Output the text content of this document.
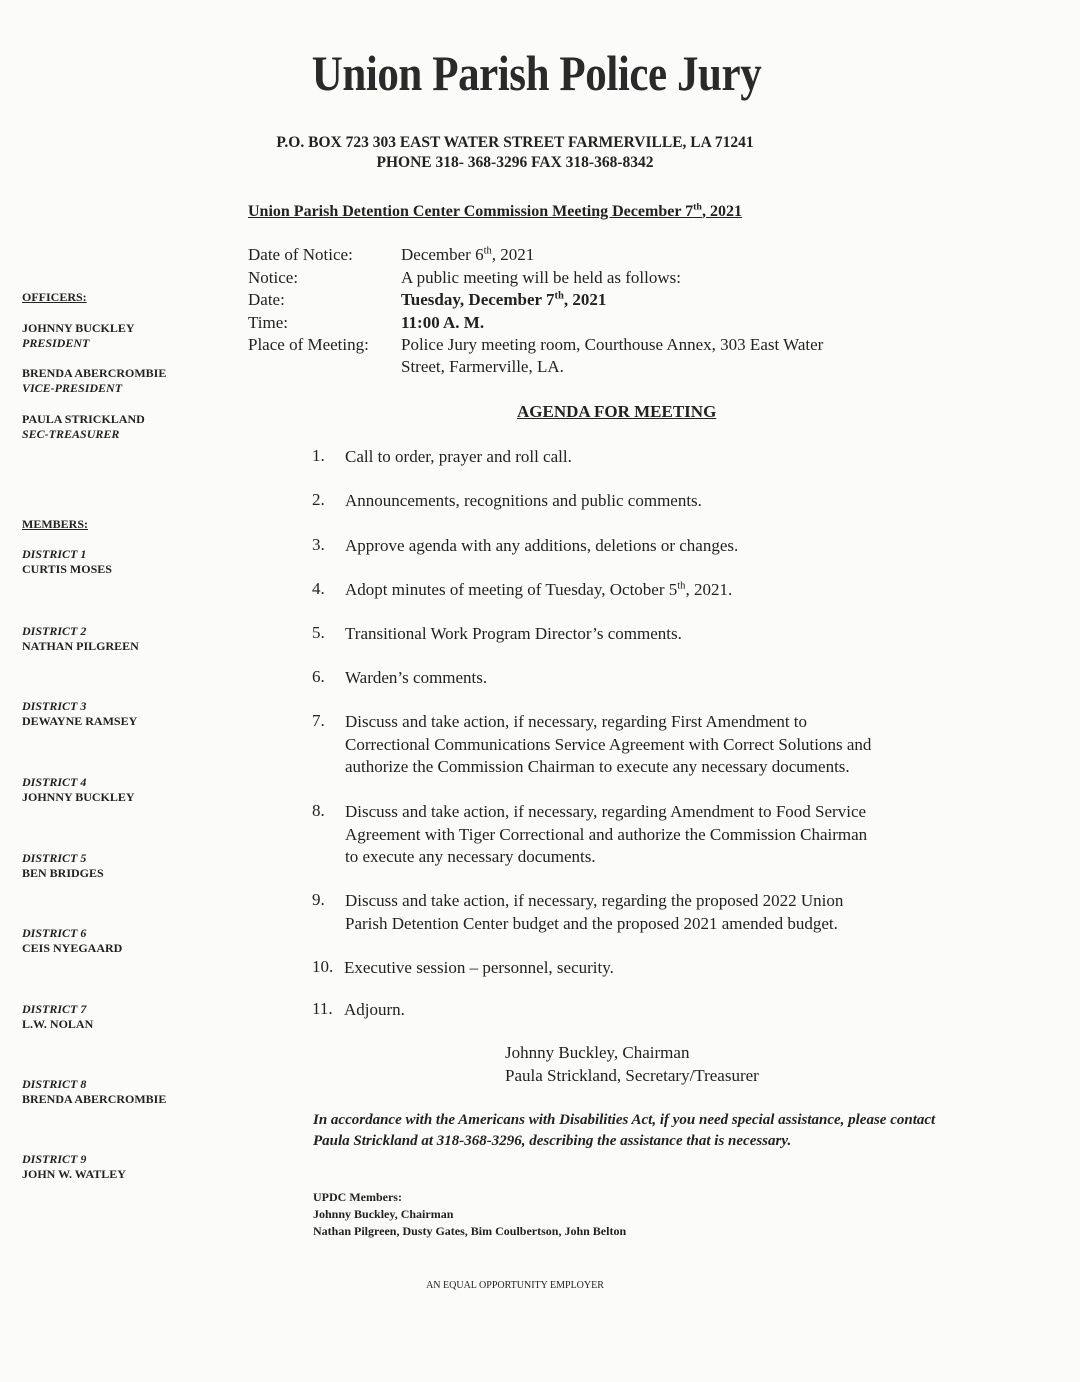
Union Parish Police Jury
P.O. BOX 723 303 EAST WATER STREET FARMERVILLE, LA 71241
PHONE 318- 368-3296 FAX 318-368-8342
Union Parish Detention Center Commission Meeting December 7th, 2021
Date of Notice:	December 6th, 2021
Notice:	A public meeting will be held as follows:
Date:	Tuesday, December 7th, 2021
Time:	11:00 A. M.
Place of Meeting: Police Jury meeting room, Courthouse Annex, 303 East Water
Street, Farmerville, LA.
AGENDA FOR MEETING
1. Call to order, prayer and roll call.
2. Announcements, recognitions and public comments.
3. Approve agenda with any additions, deletions or changes.
4. Adopt minutes of meeting of Tuesday, October 5th, 2021.
5. Transitional Work Program Director’s comments.
6. Warden’s comments.
7. Discuss and take action, if necessary, regarding First Amendment to
Correctional Communications Service Agreement with Correct Solutions and
authorize the Commission Chairman to execute any necessary documents.
8. Discuss and take action, if necessary, regarding Amendment to Food Service
Agreement with Tiger Correctional and authorize the Commission Chairman
to execute any necessary documents.
9. Discuss and take action, if necessary, regarding the proposed 2022 Union
Parish Detention Center budget and the proposed 2021 amended budget.
10. Executive session – personnel, security.
11. Adjourn.
Johnny Buckley, Chairman
Paula Strickland, Secretary/Treasurer
In accordance with the Americans with Disabilities Act, if you need special assistance, please contact Paula Strickland at 318-368-3296, describing the assistance that is necessary.
UPDC Members:
Johnny Buckley, Chairman
Nathan Pilgreen, Dusty Gates, Bim Coulbertson, John Belton
AN EQUAL OPPORTUNITY EMPLOYER
OFFICERS:
JOHNNY BUCKLEY
PRESIDENT
BRENDA ABERCROMBIE
VICE-PRESIDENT
PAULA STRICKLAND
SEC-TREASURER
MEMBERS:
DISTRICT 1
CURTIS MOSES
DISTRICT 2
NATHAN PILGREEN
DISTRICT 3
DEWAYNE RAMSEY
DISTRICT 4
JOHNNY BUCKLEY
DISTRICT 5
BEN BRIDGES
DISTRICT 6
CEIS NYEGAARD
DISTRICT 7
L.W. NOLAN
DISTRICT 8
BRENDA ABERCROMBIE
DISTRICT 9
JOHN W. WATLEY
